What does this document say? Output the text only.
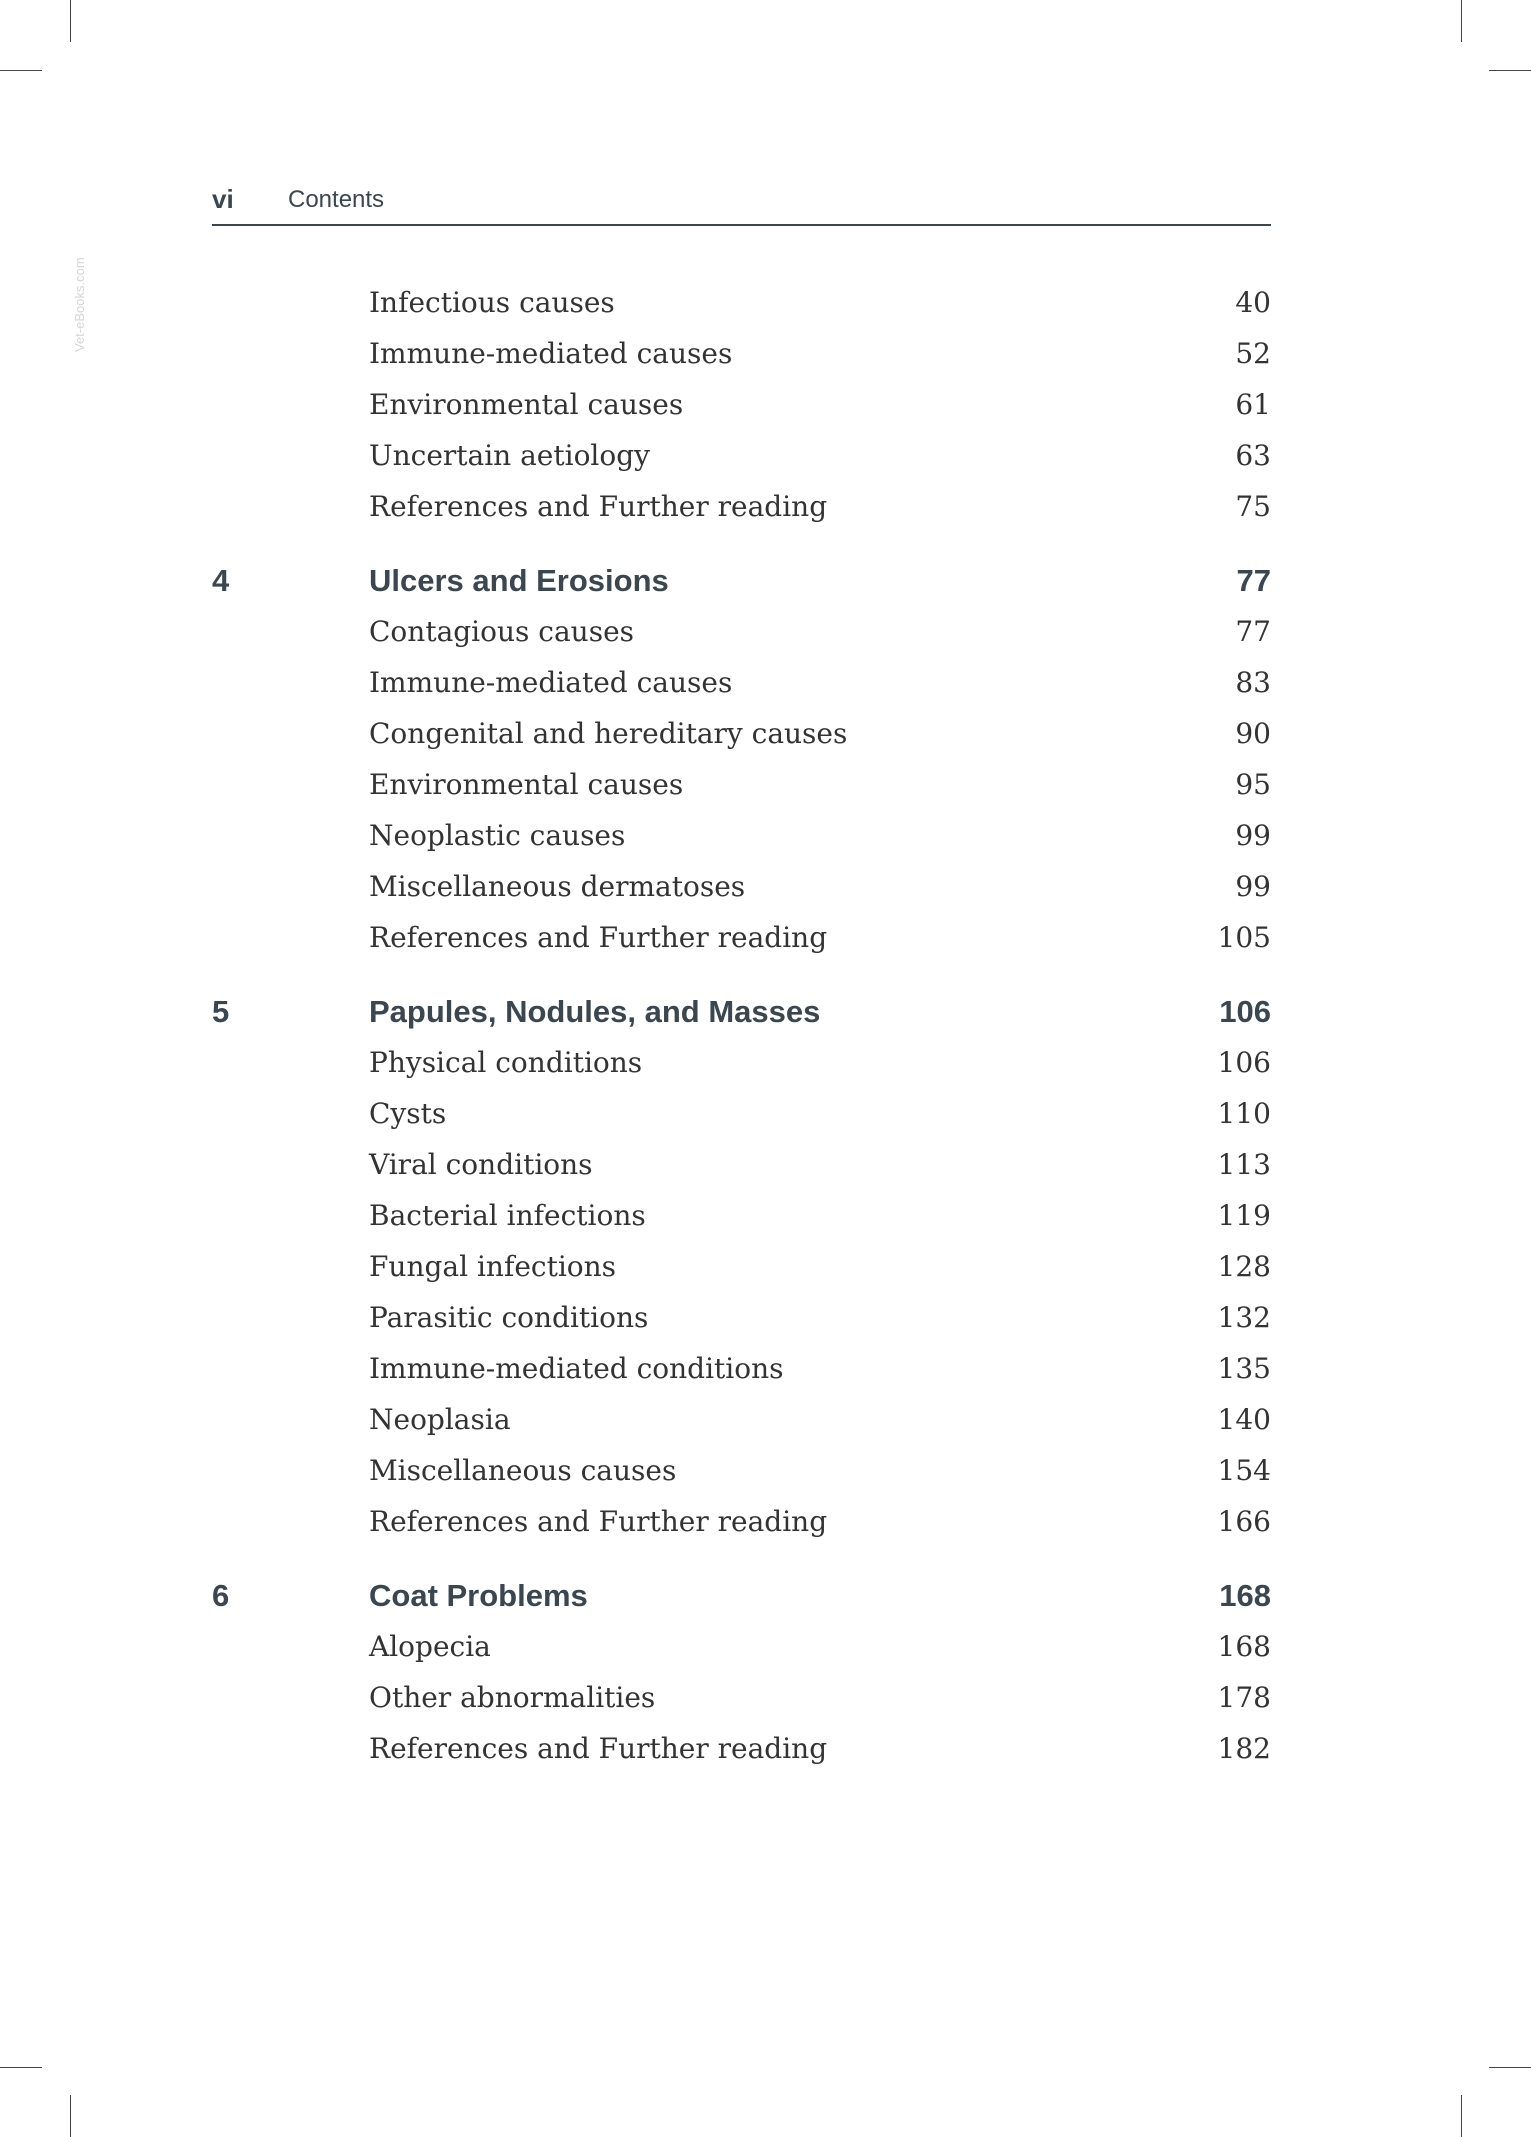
Vet-eBooks.com
vi Contents
Infectious causes	40
Immune-mediated causes	52
Environmental causes	61
Uncertain aetiology	63
References and Further reading	75
4	Ulcers and Erosions	77
Contagious causes	77
Immune-mediated causes	83
Congenital and hereditary causes	90
Environmental causes	95
Neoplastic causes	99
Miscellaneous dermatoses	99
References and Further reading	105
5	Papules, Nodules, and Masses	106
Physical conditions	106
Cysts	110
Viral conditions	113
Bacterial infections	119
Fungal infections	128
Parasitic conditions	132
Immune-mediated conditions	135
Neoplasia	140
Miscellaneous causes	154
References and Further reading	166
6	Coat Problems	168
Alopecia	168
Other abnormalities	178
References and Further reading	182
